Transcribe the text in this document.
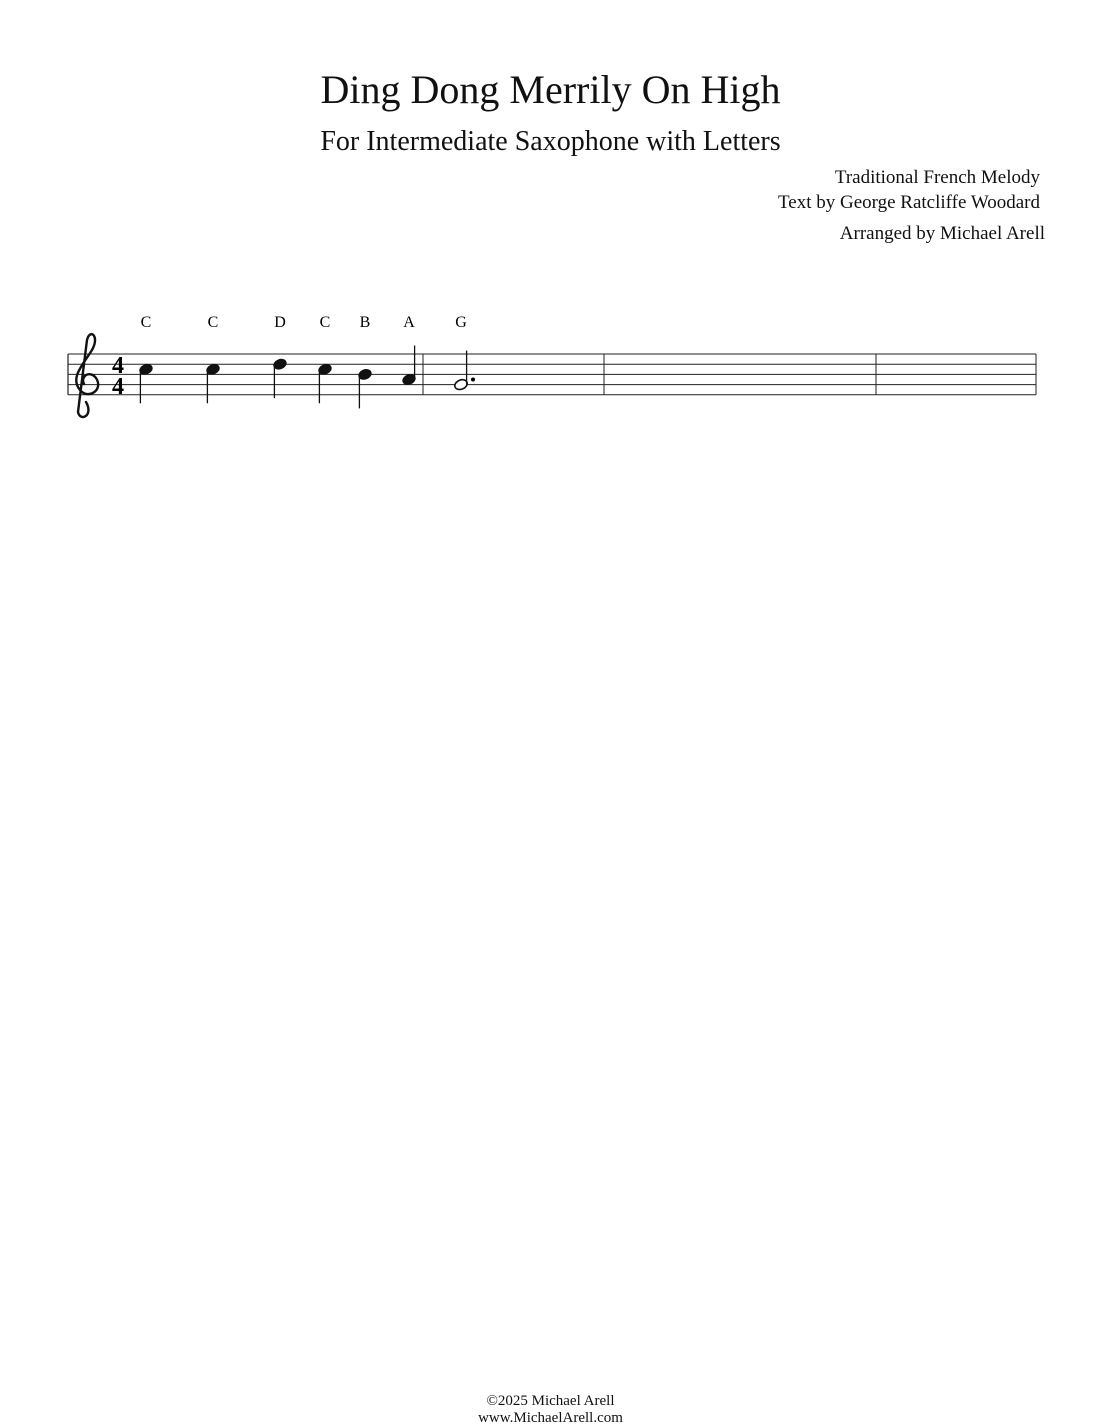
Ding Dong Merrily On High
For Intermediate Saxophone with Letters
Traditional French Melody
Text by George Ratcliffe Woodard
Arranged by Michael Arell
4
4
C	C	D C B A	G
©2025 Michael Arell
www.MichaelArell.com
